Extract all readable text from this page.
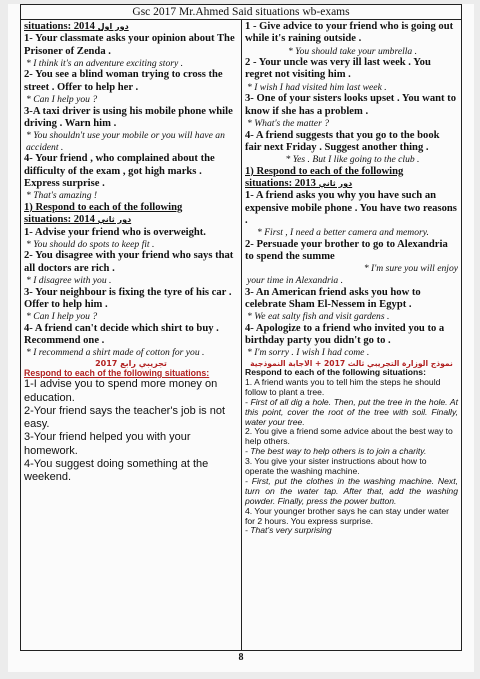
Gsc 2017 Mr.Ahmed Said situations wb-exams

situations: 2014 دور اول

1- Your classmate asks your opinion about The Prisoner of Zenda .

* I think it's an adventure exciting story .

2- You see a blind woman trying to cross the street . Offer to help her .

* Can I help you ?

3-A taxi driver is using his mobile phone while driving . Warn him .

* You shouldn't use your mobile or you will have an accident .

4- Your friend , who complained about the difficulty of the exam , got high marks . Express surprise .

* That's amazing !

1) Respond to each of the following

situations: 2014 دور ثاني

1- Advise your friend who is overweight.

* You should do spots to keep fit .

2- You disagree with your friend who says that all doctors are rich .

* I disagree with you .

3- Your neighbour is fixing the tyre of his car . Offer to help him .

* Can I help you ?

4- A friend can't decide which shirt to buy . Recommend one .

* I recommend a shirt made of cotton for you .

تجريبي رابع 2017

Respond to each of the following situations:

1-I advise you to spend more money on education.

2-Your friend says the teacher's job is not easy.

3-Your friend helped you with your homework.

4-You suggest doing something at the weekend.

1 - Give advice to your friend who is going out while it's raining outside .

* You should take your umbrella .

2 - Your uncle was very ill last week . You regret not visiting him .

* I wish I had visited him last week .

3- One of your sisters looks upset . You want to know if she has a problem .

* What's the matter ?

4- A friend suggests that you go to the book fair next Friday . Suggest another thing .

* Yes . But I like going to the club .

1) Respond to each of the following

situations: 2013 دور ثاني

1- A friend asks you why you have such an expensive mobile phone . You have two reasons .

* First , I need a better camera and memory.

2- Persuade your brother to go to Alexandria to spend the summe

* I'm sure you will enjoy

your time in Alexandria .

3- An American friend asks you how to celebrate Sham El-Nessem in Egypt .

* We eat salty fish and visit gardens .

4- Apologize to a friend who invited you to a birthday party you didn't go to .

* I'm sorry . I wish I had come .

نموذج الوزارة التجريبي ثالث 2017 + الاجابة النموذجية

Respond to each of the following situations:

1. A friend wants you to tell him the steps he should follow to plant a tree.

- First of all dig a hole. Then, put the tree in the hole. At this point, cover the root of the tree with soil. Finally, water your tree.

2. You give a friend some advice about the best way to help others.

- The best way to help others is to join a charity.

3. You give your sister instructions about how to operate the washing machine.

- First, put the clothes in the washing machine. Next, turn on the water tap. After that, add the washing powder. Finally, press the power button.

4. Your younger brother says he can stay under water for 2 hours. You express surprise.

- That's very surprising

8
